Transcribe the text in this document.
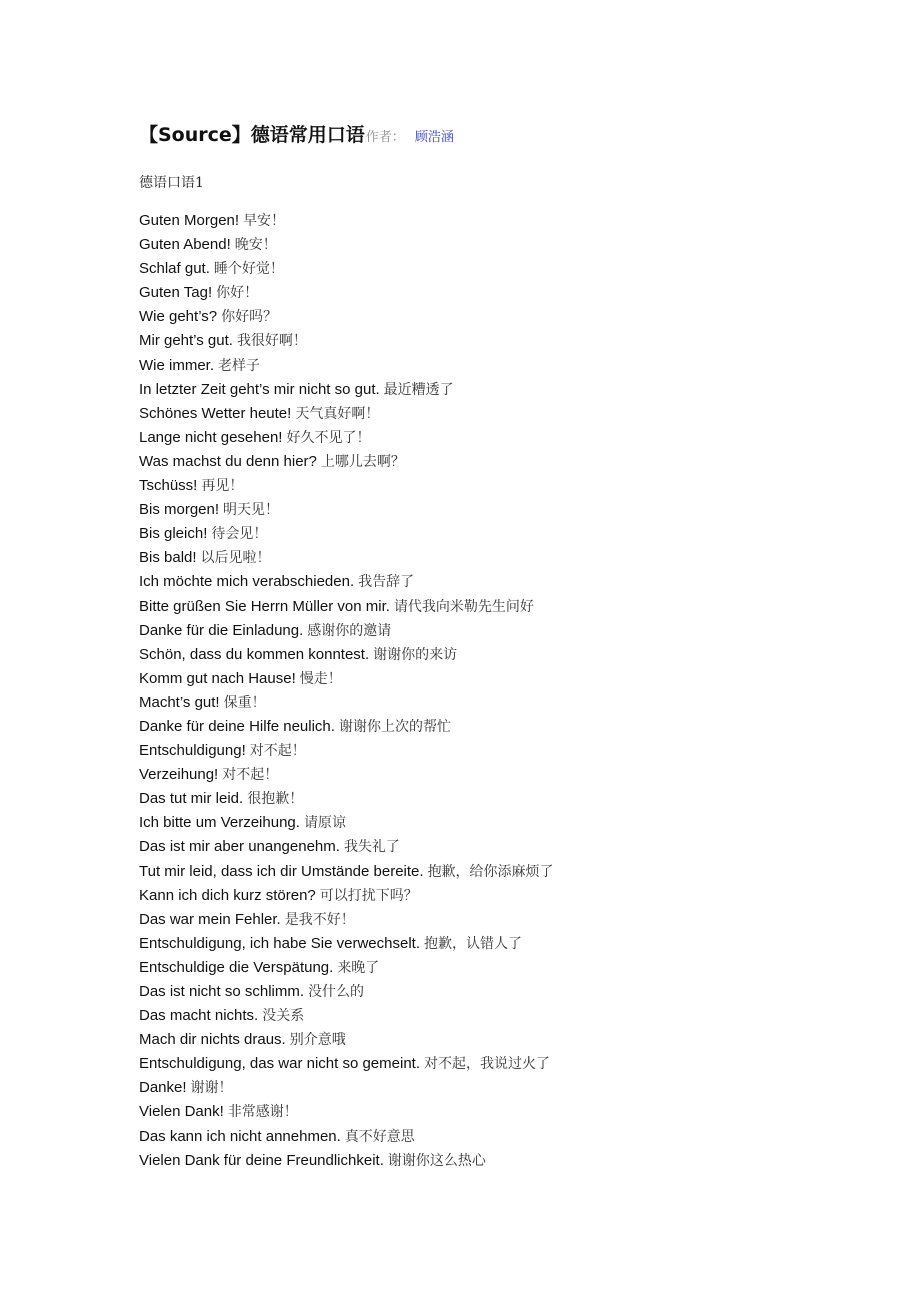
【Source】德语常用口语 作者： 顾浩涵
德语口语1
Guten Morgen! 早安！
Guten Abend! 晚安！
Schlaf gut. 睡个好觉！
Guten Tag! 你好！
Wie geht’s? 你好吗？
Mir geht’s gut. 我很好啊！
Wie immer. 老样子
In letzter Zeit geht’s mir nicht so gut. 最近糟透了
Schönes Wetter heute! 天气真好啊！
Lange nicht gesehen! 好久不见了！
Was machst du denn hier? 上哪儿去啊？
Tschüss! 再见！
Bis morgen! 明天见！
Bis gleich! 待会见！
Bis bald! 以后见啦！
Ich möchte mich verabschieden. 我告辞了
Bitte grüßen Sie Herrn Müller von mir. 请代我向米勒先生问好
Danke für die Einladung. 感谢你的邀请
Schön, dass du kommen konntest. 谢谢你的来访
Komm gut nach Hause! 慢走！
Macht’s gut! 保重！
Danke für deine Hilfe neulich. 谢谢你上次的帮忙
Entschuldigung! 对不起！
Verzeihung! 对不起！
Das tut mir leid. 很抱歉！
Ich bitte um Verzeihung. 请原谅
Das ist mir aber unangenehm. 我失礼了
Tut mir leid, dass ich dir Umstände bereite. 抱歉，给你添麻烦了
Kann ich dich kurz stören? 可以打扰下吗？
Das war mein Fehler. 是我不好！
Entschuldigung, ich habe Sie verwechselt. 抱歉，认错人了
Entschuldige die Verspätung. 来晚了
Das ist nicht so schlimm. 没什么的
Das macht nichts. 没关系
Mach dir nichts draus. 别介意哦
Entschuldigung, das war nicht so gemeint. 对不起，我说过火了
Danke! 谢谢！
Vielen Dank! 非常感谢！
Das kann ich nicht annehmen. 真不好意思
Vielen Dank für deine Freundlichkeit. 谢谢你这么热心
